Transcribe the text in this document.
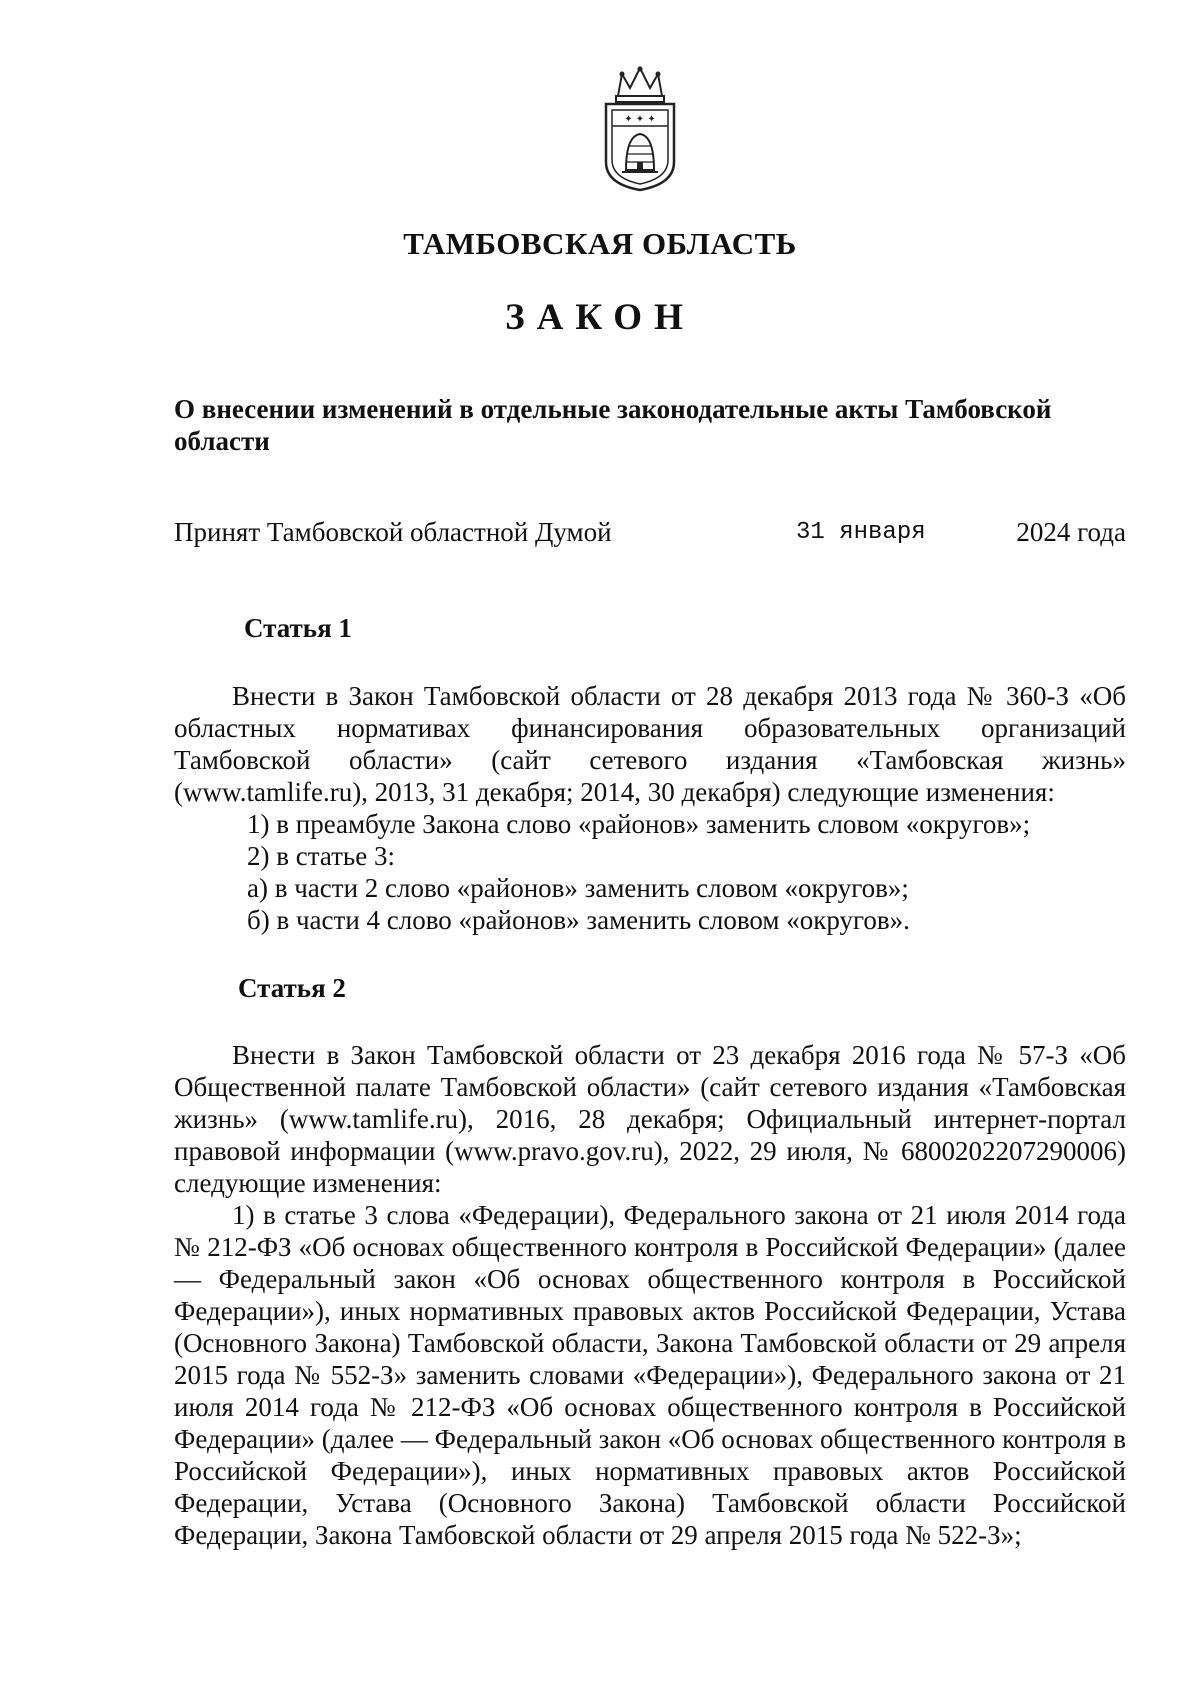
✦ ✦ ✦
ТАМБОВСКАЯ ОБЛАСТЬ
ЗАКОН
О внесении изменений в отдельные законодательные акты Тамбовской области
Принят Тамбовской областной Думой	31 января	2024 года
Статья 1

Внести в Закон Тамбовской области от 28 декабря 2013 года № 360-З «Об областных нормативах финансирования образовательных организаций Тамбовской области» (сайт сетевого издания «Тамбовская жизнь» (www.tamlife.ru), 2013, 31 декабря; 2014, 30 декабря) следующие изменения:

1) в преамбуле Закона слово «районов» заменить словом «округов»;

2) в статье 3:

а) в части 2 слово «районов» заменить словом «округов»;

б) в части 4 слово «районов» заменить словом «округов».

Статья 2

Внести в Закон Тамбовской области от 23 декабря 2016 года № 57-З «Об Общественной палате Тамбовской области» (сайт сетевого издания «Тамбовская жизнь» (www.tamlife.ru), 2016, 28 декабря; Официальный интернет-портал правовой информации (www.pravo.gov.ru), 2022, 29 июля, № 6800202207290006) следующие изменения:

1) в статье 3 слова «Федерации), Федерального закона от 21 июля 2014 года № 212-ФЗ «Об основах общественного контроля в Российской Федерации» (далее — Федеральный закон «Об основах общественного контроля в Российской Федерации»), иных нормативных правовых актов Российской Федерации, Устава (Основного Закона) Тамбовской области, Закона Тамбовской области от 29 апреля 2015 года № 552-З» заменить словами «Федерации»), Федерального закона от 21 июля 2014 года № 212-ФЗ «Об основах общественного контроля в Российской Федерации» (далее — Федеральный закон «Об основах общественного контроля в Российской Федерации»), иных нормативных правовых актов Российской Федерации, Устава (Основного Закона) Тамбовской области Российской Федерации, Закона Тамбовской области от 29 апреля 2015 года № 522-З»;
